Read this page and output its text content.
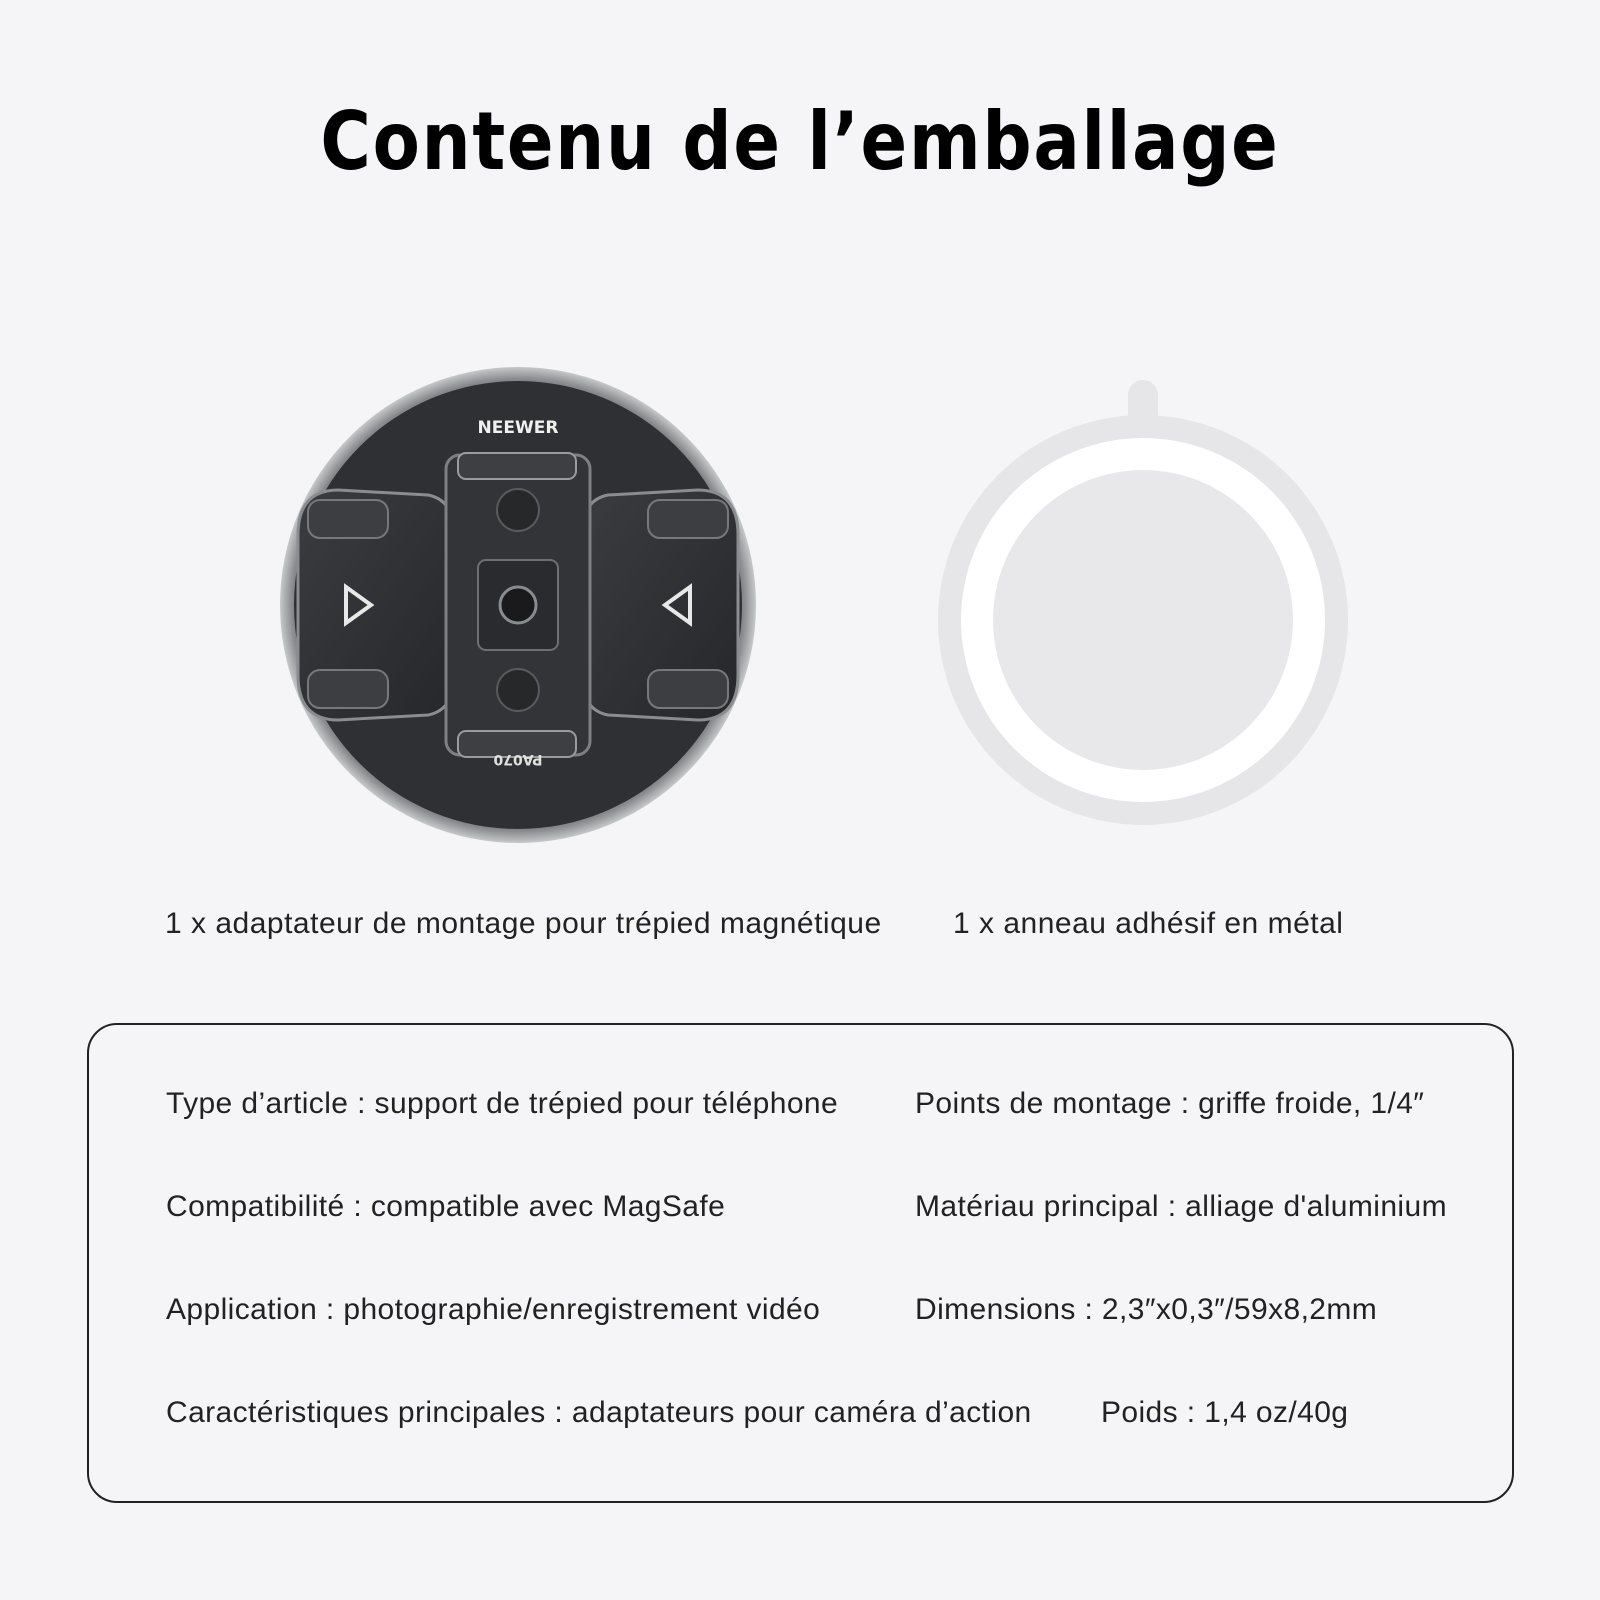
Contenu de l’emballage
NEEWER
PA070
1 x adaptateur de montage pour trépied magnétique 1 x anneau adhésif en métal
Type d’article : support de trépied pour téléphone	Points de montage : griffe froide, 1/4″
Compatibilité : compatible avec MagSafe	Matériau principal : alliage d'aluminium
Application : photographie/enregistrement vidéo	Dimensions : 2,3″x0,3″/59x8,2mm
Caractéristiques principales : adaptateurs pour caméra d’action Poids : 1,4 oz/40g
